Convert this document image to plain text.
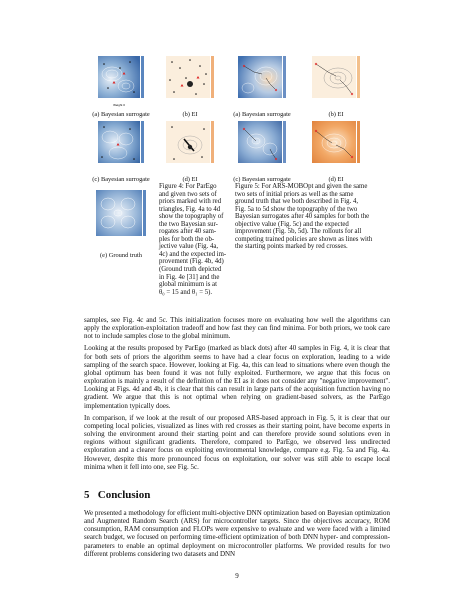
Weight 0
(a) Bayesian surrogate	(b) EI	(a) Bayesian surrogate	(b) EI
(c) Bayesian surrogate	(d) EI	(c) Bayesian surrogate	(d) EI
(e) Ground truth

Figure 4: For ParEgo

and given two sets of

priors marked with red

triangles, Fig. 4a to 4d

show the topography of

the two Bayesian sur-

rogates after 40 sam-

ples for both the ob-

jective value (Fig. 4a,

4c) and the expected im-

provement (Fig. 4b, 4d)

(Ground truth depicted

in Fig. 4e [31] and the

global minimum is at

θ₀ = 15 and θ₁ = 5).

Figure 5: For ARS-MOBOpt and given the same

two sets of initial priors as well as the same

ground truth that we both described in Fig. 4,

Fig. 5a to 5d show the topography of the two

Bayesian surrogates after 40 samples for both the

objective value (Fig. 5c) and the expected

improvement (Fig. 5b, 5d). The rollouts for all

competing trained policies are shown as lines with

the starting points marked by red crosses.

samples, see Fig. 4c and 5c. This initialization focuses more on evaluating how well the algorithms can apply the exploration-exploitation tradeoff and how fast they can find minima. For both priors, we took care not to include samples close to the global minimum.

Looking at the results proposed by ParEgo (marked as black dots) after 40 samples in Fig. 4, it is clear that for both sets of priors the algorithm seems to have had a clear focus on exploration, leading to a wide sampling of the search space. However, looking at Fig. 4a, this can lead to situations where even though the global optimum has been found it was not fully exploited. Furthermore, we argue that this focus on exploration is mainly a result of the definition of the EI as it does not consider any "negative improvement". Looking at Figs. 4d and 4b, it is clear that this can result in large parts of the acquisition function having no gradient. We argue that this is not optimal when relying on gradient-based solvers, as the ParEgo implementation typically does.

In comparison, if we look at the result of our proposed ARS-based approach in Fig. 5, it is clear that our competing local policies, visualized as lines with red crosses as their starting point, have become experts in solving the environment around their starting point and can therefore provide sound solutions even in regions without significant gradients. Therefore, compared to ParEgo, we observed less undirected exploration and a clearer focus on exploiting environmental knowledge, compare e.g. Fig. 5a and Fig. 4a. However, despite this more pronounced focus on exploitation, our solver was still able to escape local minima when it fell into one, see Fig. 5c.

5 Conclusion

We presented a methodology for efficient multi-objective DNN optimization based on Bayesian optimization and Augmented Random Search (ARS) for microcontroller targets. Since the objectives accuracy, ROM consumption, RAM consumption and FLOPs were expensive to evaluate and we were faced with a limited search budget, we focused on performing time-efficient optimization of both DNN hyper- and compression-parameters to enable an optimal deployment on microcontroller platforms. We provided results for two different problems considering two datasets and DNN

9
